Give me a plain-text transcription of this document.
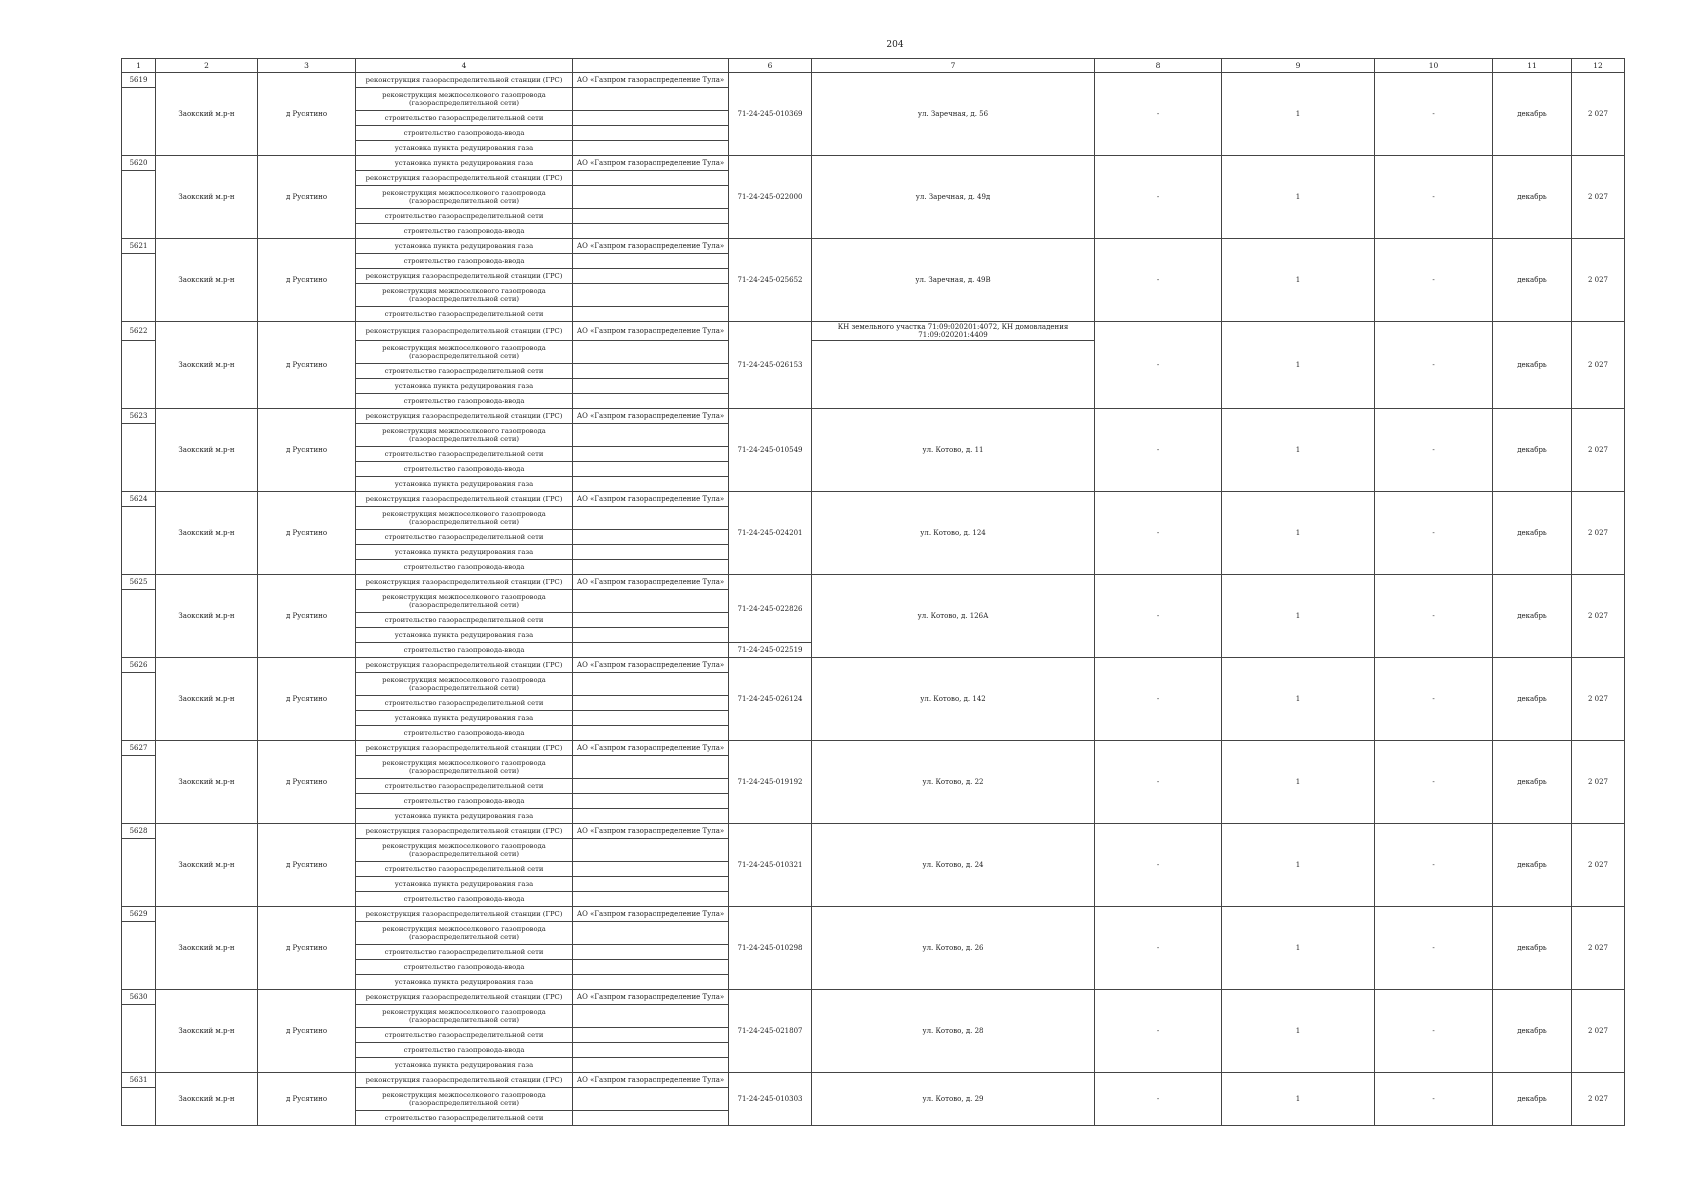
204
1	2	3	4		6	7	8	9	10	11	12
5619	Заокский м.р-н	д Русятино	реконструкция газораспределительной станции (ГРС)	АО «Газпром газораспределение Тула»	71-24-245-010369	ул. Заречная, д. 56	-	1	-	декабрь	2 027
			реконструкция межпоселкового газопровода (газораспределительной сети)								
			строительство газораспределительной сети								
			строительство газопровода-ввода								
			установка пункта редуцирования газа								
5620	Заокский м.р-н	д Русятино	установка пункта редуцирования газа	АО «Газпром газораспределение Тула»	71-24-245-022000	ул. Заречная, д. 49д	-	1	-	декабрь	2 027
			реконструкция газораспределительной станции (ГРС)								
			реконструкция межпоселкового газопровода (газораспределительной сети)								
			строительство газораспределительной сети								
			строительство газопровода-ввода								
5621	Заокский м.р-н	д Русятино	установка пункта редуцирования газа	АО «Газпром газораспределение Тула»	71-24-245-025652	ул. Заречная, д. 49В	-	1	-	декабрь	2 027
			строительство газопровода-ввода								
			реконструкция газораспределительной станции (ГРС)								
			реконструкция межпоселкового газопровода (газораспределительной сети)								
			строительство газораспределительной сети								
5622	Заокский м.р-н	д Русятино	реконструкция газораспределительной станции (ГРС)	АО «Газпром газораспределение Тула»	71-24-245-026153	КН земельного участка 71:09:020201:4072, КН домовладения 71:09:020201:4409	-	1	-	декабрь	2 027
			реконструкция межпоселкового газопровода (газораспределительной сети)								
			строительство газораспределительной сети								
			установка пункта редуцирования газа								
			строительство газопровода-ввода								
5623	Заокский м.р-н	д Русятино	реконструкция газораспределительной станции (ГРС)	АО «Газпром газораспределение Тула»	71-24-245-010549	ул. Котово, д. 11	-	1	-	декабрь	2 027
			реконструкция межпоселкового газопровода (газораспределительной сети)								
			строительство газораспределительной сети								
			строительство газопровода-ввода								
			установка пункта редуцирования газа								
5624	Заокский м.р-н	д Русятино	реконструкция газораспределительной станции (ГРС)	АО «Газпром газораспределение Тула»	71-24-245-024201	ул. Котово, д. 124	-	1	-	декабрь	2 027
			реконструкция межпоселкового газопровода (газораспределительной сети)								
			строительство газораспределительной сети								
			установка пункта редуцирования газа								
			строительство газопровода-ввода								
5625	Заокский м.р-н	д Русятино	реконструкция газораспределительной станции (ГРС)	АО «Газпром газораспределение Тула»	71-24-245-022826	ул. Котово, д. 126А	-	1	-	декабрь	2 027
			реконструкция межпоселкового газопровода (газораспределительной сети)								
			строительство газораспределительной сети								
			установка пункта редуцирования газа								
			строительство газопровода-ввода		71-24-245-022519						
5626	Заокский м.р-н	д Русятино	реконструкция газораспределительной станции (ГРС)	АО «Газпром газораспределение Тула»	71-24-245-026124	ул. Котово, д. 142	-	1	-	декабрь	2 027
			реконструкция межпоселкового газопровода (газораспределительной сети)								
			строительство газораспределительной сети								
			установка пункта редуцирования газа								
			строительство газопровода-ввода								
5627	Заокский м.р-н	д Русятино	реконструкция газораспределительной станции (ГРС)	АО «Газпром газораспределение Тула»	71-24-245-019192	ул. Котово, д. 22	-	1	-	декабрь	2 027
			реконструкция межпоселкового газопровода (газораспределительной сети)								
			строительство газораспределительной сети								
			строительство газопровода-ввода								
			установка пункта редуцирования газа								
5628	Заокский м.р-н	д Русятино	реконструкция газораспределительной станции (ГРС)	АО «Газпром газораспределение Тула»	71-24-245-010321	ул. Котово, д. 24	-	1	-	декабрь	2 027
			реконструкция межпоселкового газопровода (газораспределительной сети)								
			строительство газораспределительной сети								
			установка пункта редуцирования газа								
			строительство газопровода-ввода								
5629	Заокский м.р-н	д Русятино	реконструкция газораспределительной станции (ГРС)	АО «Газпром газораспределение Тула»	71-24-245-010298	ул. Котово, д. 26	-	1	-	декабрь	2 027
			реконструкция межпоселкового газопровода (газораспределительной сети)								
			строительство газораспределительной сети								
			строительство газопровода-ввода								
			установка пункта редуцирования газа								
5630	Заокский м.р-н	д Русятино	реконструкция газораспределительной станции (ГРС)	АО «Газпром газораспределение Тула»	71-24-245-021807	ул. Котово, д. 28	-	1	-	декабрь	2 027
			реконструкция межпоселкового газопровода (газораспределительной сети)								
			строительство газораспределительной сети								
			строительство газопровода-ввода								
			установка пункта редуцирования газа								
5631	Заокский м.р-н	д Русятино	реконструкция газораспределительной станции (ГРС)	АО «Газпром газораспределение Тула»	71-24-245-010303	ул. Котово, д. 29	-	1	-	декабрь	2 027
			реконструкция межпоселкового газопровода (газораспределительной сети)								
			строительство газораспределительной сети								
